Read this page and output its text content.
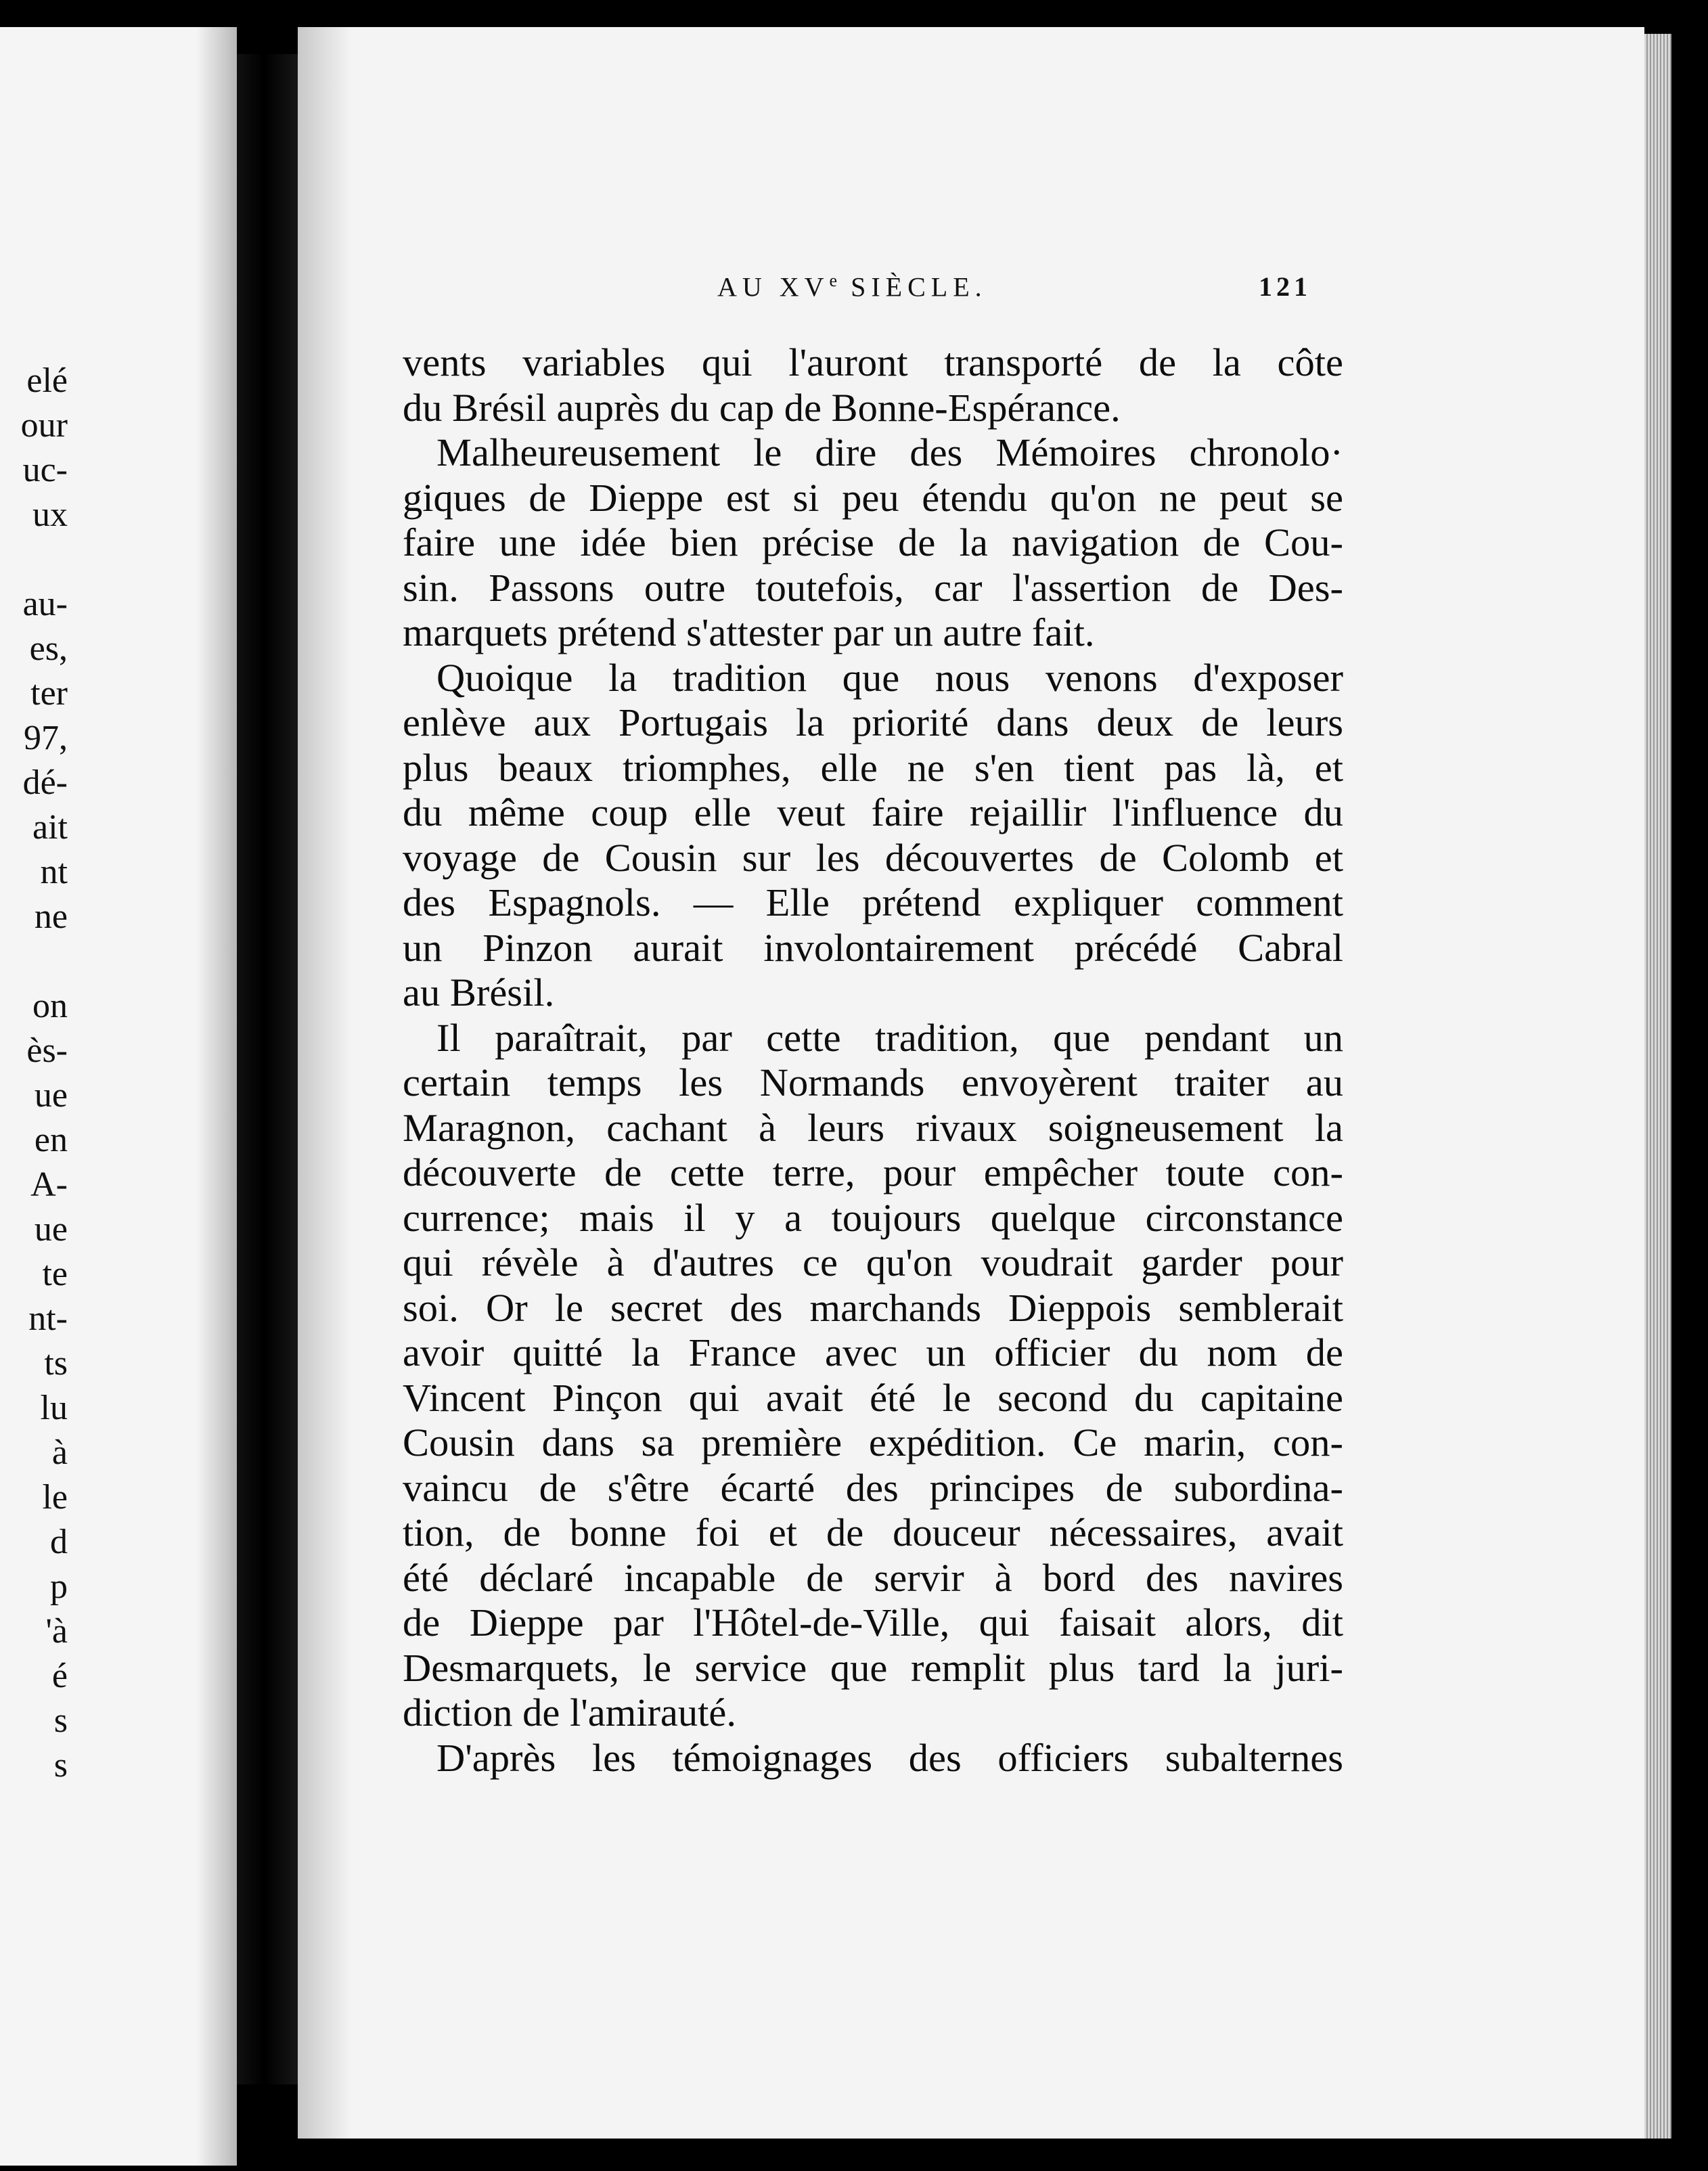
elé
our
uc-
ux
au-
es,
ter
97,
dé-
ait
nt
ne
on
ès-
ue
en
A-
ue
te
nt-
ts
lu
à
le
d
p
'à
é
s
s
AU XVe SIÈCLE.	121
vents variables qui l'auront transporté de la côte
du Brésil auprès du cap de Bonne-Espérance.
Malheureusement le dire des Mémoires chronolo·
giques de Dieppe est si peu étendu qu'on ne peut se
faire une idée bien précise de la navigation de Cou-
sin. Passons outre toutefois, car l'assertion de Des-
marquets prétend s'attester par un autre fait.
Quoique la tradition que nous venons d'exposer
enlève aux Portugais la priorité dans deux de leurs
plus beaux triomphes, elle ne s'en tient pas là, et
du même coup elle veut faire rejaillir l'influence du
voyage de Cousin sur les découvertes de Colomb et
des Espagnols. — Elle prétend expliquer comment
un Pinzon aurait involontairement précédé Cabral
au Brésil.
Il paraîtrait, par cette tradition, que pendant un
certain temps les Normands envoyèrent traiter au
Maragnon, cachant à leurs rivaux soigneusement la
découverte de cette terre, pour empêcher toute con-
currence; mais il y a toujours quelque circonstance
qui révèle à d'autres ce qu'on voudrait garder pour
soi. Or le secret des marchands Dieppois semblerait
avoir quitté la France avec un officier du nom de
Vincent Pinçon qui avait été le second du capitaine
Cousin dans sa première expédition. Ce marin, con-
vaincu de s'être écarté des principes de subordina-
tion, de bonne foi et de douceur nécessaires, avait
été déclaré incapable de servir à bord des navires
de Dieppe par l'Hôtel-de-Ville, qui faisait alors, dit
Desmarquets, le service que remplit plus tard la juri-
diction de l'amirauté.
D'après les témoignages des officiers subalternes
